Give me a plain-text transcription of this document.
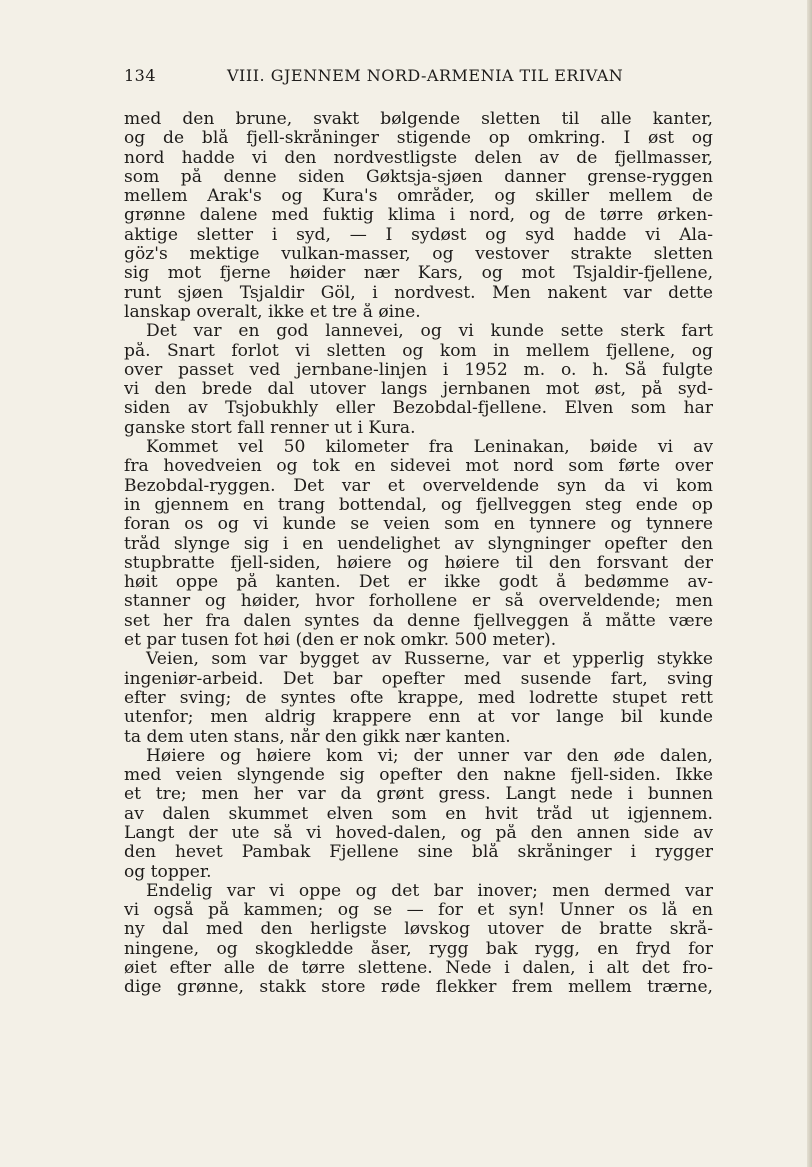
134	VIII. GJENNEM NORD-ARMENIA TIL ERIVAN
med den brune, svakt bølgende sletten til alle kanter,
og de blå fjell-skråninger stigende op omkring. I øst og
nord hadde vi den nordvestligste delen av de fjellmasser,
som på denne siden Gøktsja-sjøen danner grense-ryggen
mellem Arak's og Kura's områder, og skiller mellem de
grønne dalene med fuktig klima i nord, og de tørre ørken-
aktige sletter i syd, — I sydøst og syd hadde vi Ala-
göz's mektige vulkan-masser, og vestover strakte sletten
sig mot fjerne høider nær Kars, og mot Tsjaldir-fjellene,
runt sjøen Tsjaldir Göl, i nordvest. Men nakent var dette
lanskap overalt, ikke et tre å øine.
Det var en god lannevei, og vi kunde sette sterk fart
på. Snart forlot vi sletten og kom in mellem fjellene, og
over passet ved jernbane-linjen i 1952 m. o. h. Så fulgte
vi den brede dal utover langs jernbanen mot øst, på syd-
siden av Tsjobukhly eller Bezobdal-fjellene. Elven som har
ganske stort fall renner ut i Kura.
Kommet vel 50 kilometer fra Leninakan, bøide vi av
fra hovedveien og tok en sidevei mot nord som førte over
Bezobdal-ryggen. Det var et overveldende syn da vi kom
in gjennem en trang bottendal, og fjellveggen steg ende op
foran os og vi kunde se veien som en tynnere og tynnere
tråd slynge sig i en uendelighet av slyngninger opefter den
stupbratte fjell-siden, høiere og høiere til den forsvant der
høit oppe på kanten. Det er ikke godt å bedømme av-
stanner og høider, hvor forhollene er så overveldende; men
set her fra dalen syntes da denne fjellveggen å måtte være
et par tusen fot høi (den er nok omkr. 500 meter).
Veien, som var bygget av Russerne, var et ypperlig stykke
ingeniør-arbeid. Det bar opefter med susende fart, sving
efter sving; de syntes ofte krappe, med lodrette stupet rett
utenfor; men aldrig krappere enn at vor lange bil kunde
ta dem uten stans, når den gikk nær kanten.
Høiere og høiere kom vi; der unner var den øde dalen,
med veien slyngende sig opefter den nakne fjell-siden. Ikke
et tre; men her var da grønt gress. Langt nede i bunnen
av dalen skummet elven som en hvit tråd ut igjennem.
Langt der ute så vi hoved-dalen, og på den annen side av
den hevet Pambak Fjellene sine blå skråninger i rygger
og topper.
Endelig var vi oppe og det bar inover; men dermed var
vi også på kammen; og se — for et syn! Unner os lå en
ny dal med den herligste løvskog utover de bratte skrå-
ningene, og skogkledde åser, rygg bak rygg, en fryd for
øiet efter alle de tørre slettene. Nede i dalen, i alt det fro-
dige grønne, stakk store røde flekker frem mellem trærne,
